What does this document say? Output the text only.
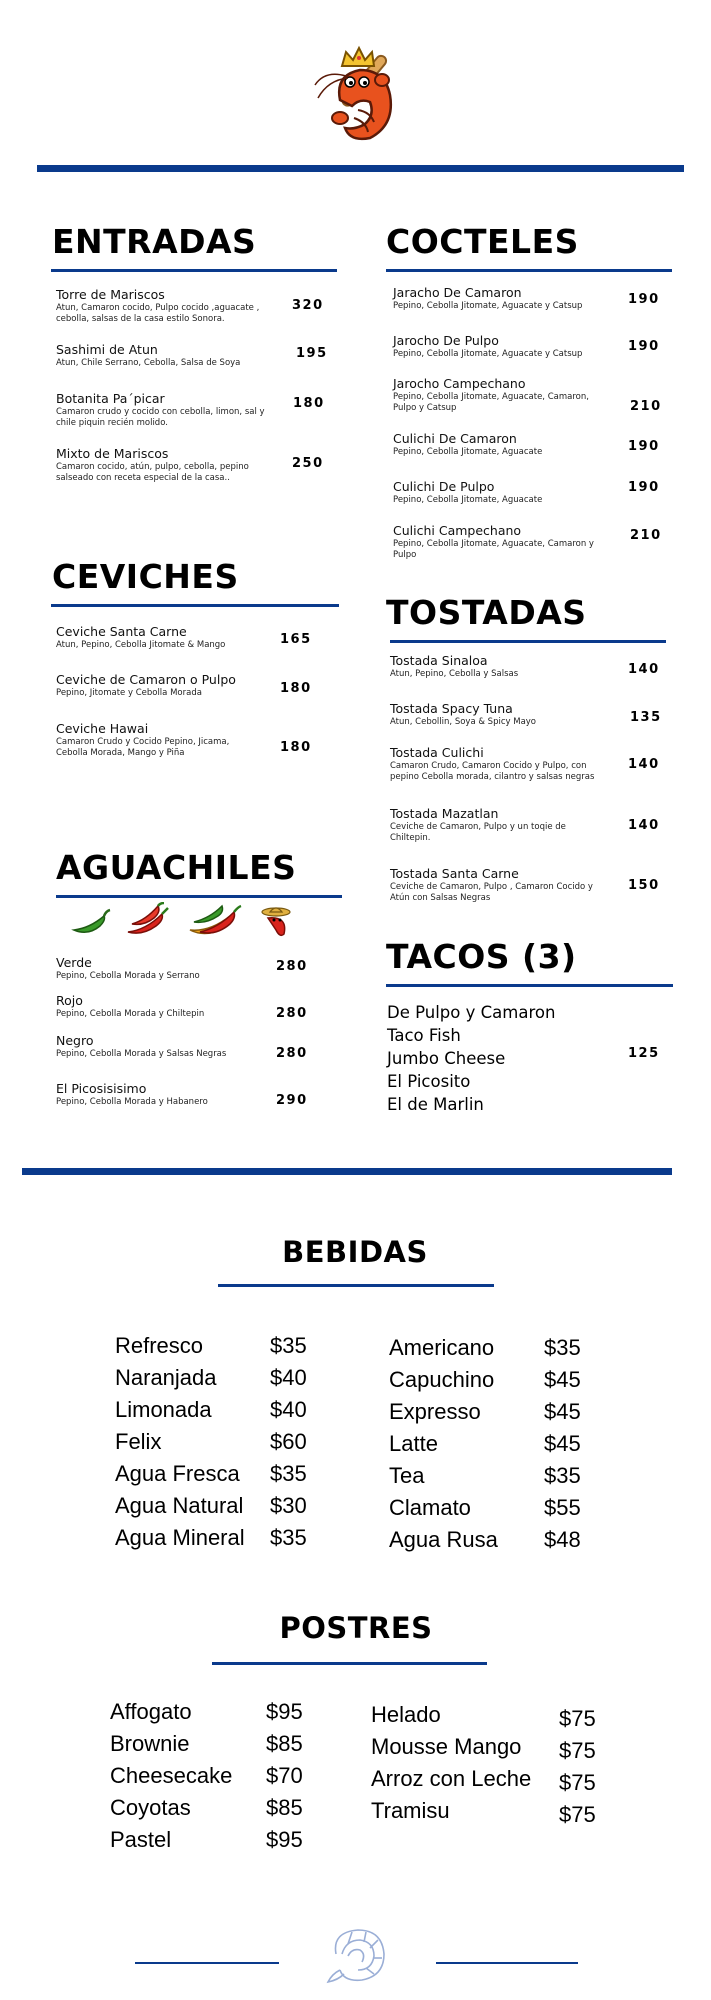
ENTRADAS
Torre de Mariscos
Atun, Camaron cocido, Pulpo cocido ,aguacate , cebolla, salsas de la casa estilo Sonora.
320
Sashimi de Atun
Atun, Chile Serrano, Cebolla, Salsa de Soya
195
Botanita Pa´picar
Camaron crudo y cocido con cebolla, limon, sal y chile piquin recién molido.
180
Mixto de Mariscos
Camaron cocido, atún, pulpo, cebolla, pepino salseado con receta especial de la casa..
250
COCTELES
Jaracho De Camaron
Pepino, Cebolla Jitomate, Aguacate y Catsup	190
Jarocho De Pulpo
Pepino, Cebolla Jitomate, Aguacate y Catsup	190
Jarocho Campechano
Pepino, Cebolla Jitomate, Aguacate, Camaron, Pulpo y Catsup	210
Culichi De Camaron
Pepino, Cebolla Jitomate, Aguacate	190
Culichi De Pulpo
Pepino, Cebolla Jitomate, Aguacate
190
Culichi Campechano
Pepino, Cebolla Jitomate, Aguacate, Camaron y Pulpo
210
CEVICHES
Ceviche Santa Carne
Atun, Pepino, Cebolla Jitomate & Mango	165
Ceviche de Camaron o Pulpo
Pepino, Jitomate y Cebolla Morada	180
Ceviche Hawai
Camaron Crudo y Cocido Pepino, Jicama, Cebolla Morada, Mango y Piña	180
TOSTADAS
Tostada Sinaloa
Atun, Pepino, Cebolla y Salsas	140
Tostada Spacy Tuna
Atun, Cebollin, Soya & Spicy Mayo	135
Tostada Culichi
Camaron Crudo, Camaron Cocido y Pulpo, con pepino Cebolla morada, cilantro y salsas negras
140
Tostada Mazatlan
Ceviche de Camaron, Pulpo y un toqie de Chiltepin.
140
Tostada Santa Carne
Ceviche de Camaron, Pulpo , Camaron Cocido y Atún con Salsas Negras
150
AGUACHILES
Verde
Pepino, Cebolla Morada y Serrano
280
Rojo
Pepino, Cebolla Morada y Chiltepin	280
Negro
Pepino, Cebolla Morada y Salsas Negras	280
El Picosisisimo
Pepino, Cebolla Morada y Habanero	290
TACOS (3)
De Pulpo y Camaron
Taco Fish
Jumbo Cheese
El Picosito
El de Marlin
125
BEBIDAS
Refresco	$35
Naranjada $40
Limonada	$40
Felix	$60
Agua Fresca $35
Agua Natural $30
Agua Mineral $35
Americano $35
Capuchino $45
Expresso	$45
Latte	$45
Tea	$35
Clamato	$55
Agua Rusa $48
POSTRES
Affogato	$95
Brownie	$85
Cheesecake $70
Coyotas	$85
Pastel	$95
Helado	$75
Mousse Mango $75
Arroz con Leche $75
Tramisu	$75
